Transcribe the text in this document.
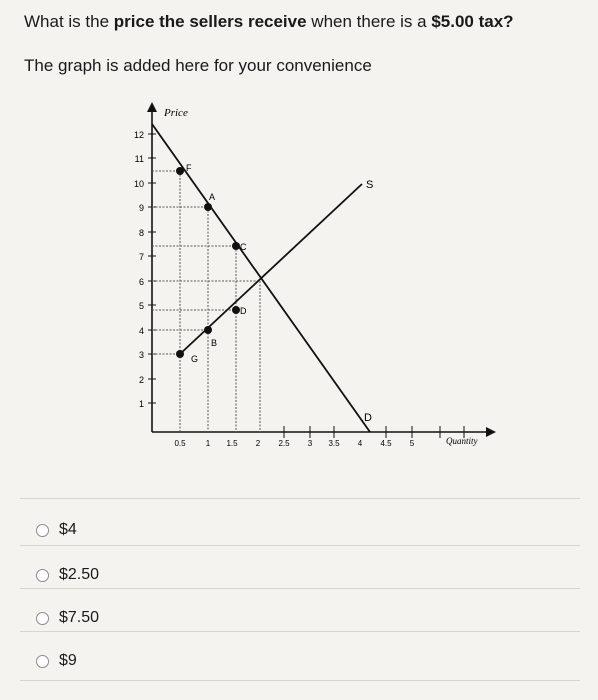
What is the price the sellers receive when there is a $5.00 tax?
The graph is added here for your convenience
Price
Quantity
12
11
10
9
8
7
6
5
4
3
2
1
0.5	1 1.5 2 2.5 3 3.5 4 4.5 5
S
D
F
A
C
D
B
G
$4
$2.50
$7.50
$9
